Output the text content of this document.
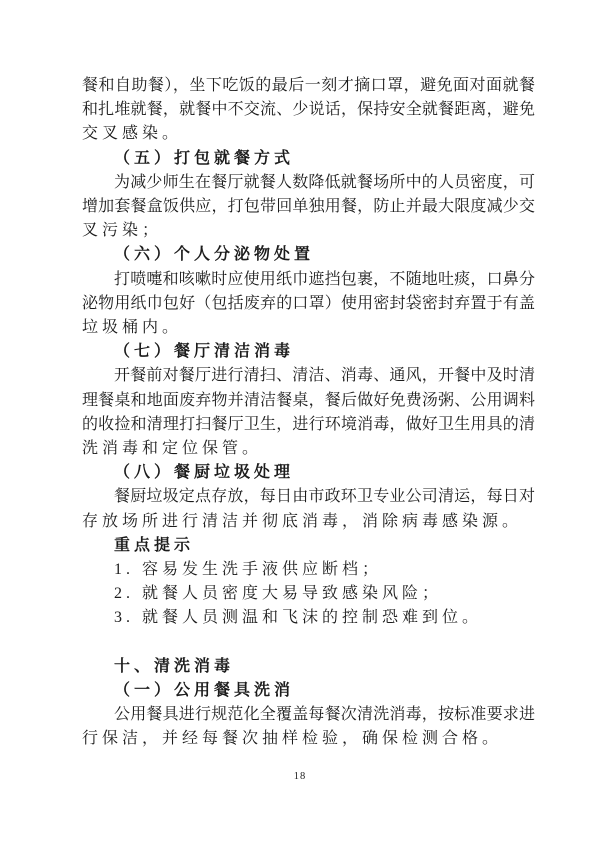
餐和自助餐），坐下吃饭的最后一刻才摘口罩，避免面对面就餐
和扎堆就餐，就餐中不交流、少说话，保持安全就餐距离，避免
交叉感染。
（五）打包就餐方式
为减少师生在餐厅就餐人数降低就餐场所中的人员密度，可
增加套餐盒饭供应，打包带回单独用餐，防止并最大限度减少交
叉污染；
（六）个人分泌物处置
打喷嚏和咳嗽时应使用纸巾遮挡包裹，不随地吐痰，口鼻分
泌物用纸巾包好（包括废弃的口罩）使用密封袋密封弃置于有盖
垃圾桶内。
（七）餐厅清洁消毒
开餐前对餐厅进行清扫、清洁、消毒、通风，开餐中及时清
理餐桌和地面废弃物并清洁餐桌，餐后做好免费汤粥、公用调料
的收捡和清理打扫餐厅卫生，进行环境消毒，做好卫生用具的清
洗消毒和定位保管。
（八）餐厨垃圾处理
餐厨垃圾定点存放，每日由市政环卫专业公司清运，每日对
存放场所进行清洁并彻底消毒，消除病毒感染源。
重点提示
1. 容易发生洗手液供应断档；
2. 就餐人员密度大易导致感染风险；
3. 就餐人员测温和飞沫的控制恐难到位。
十、清洗消毒
（一）公用餐具洗消
公用餐具进行规范化全覆盖每餐次清洗消毒，按标准要求进
行保洁，并经每餐次抽样检验，确保检测合格。
18
